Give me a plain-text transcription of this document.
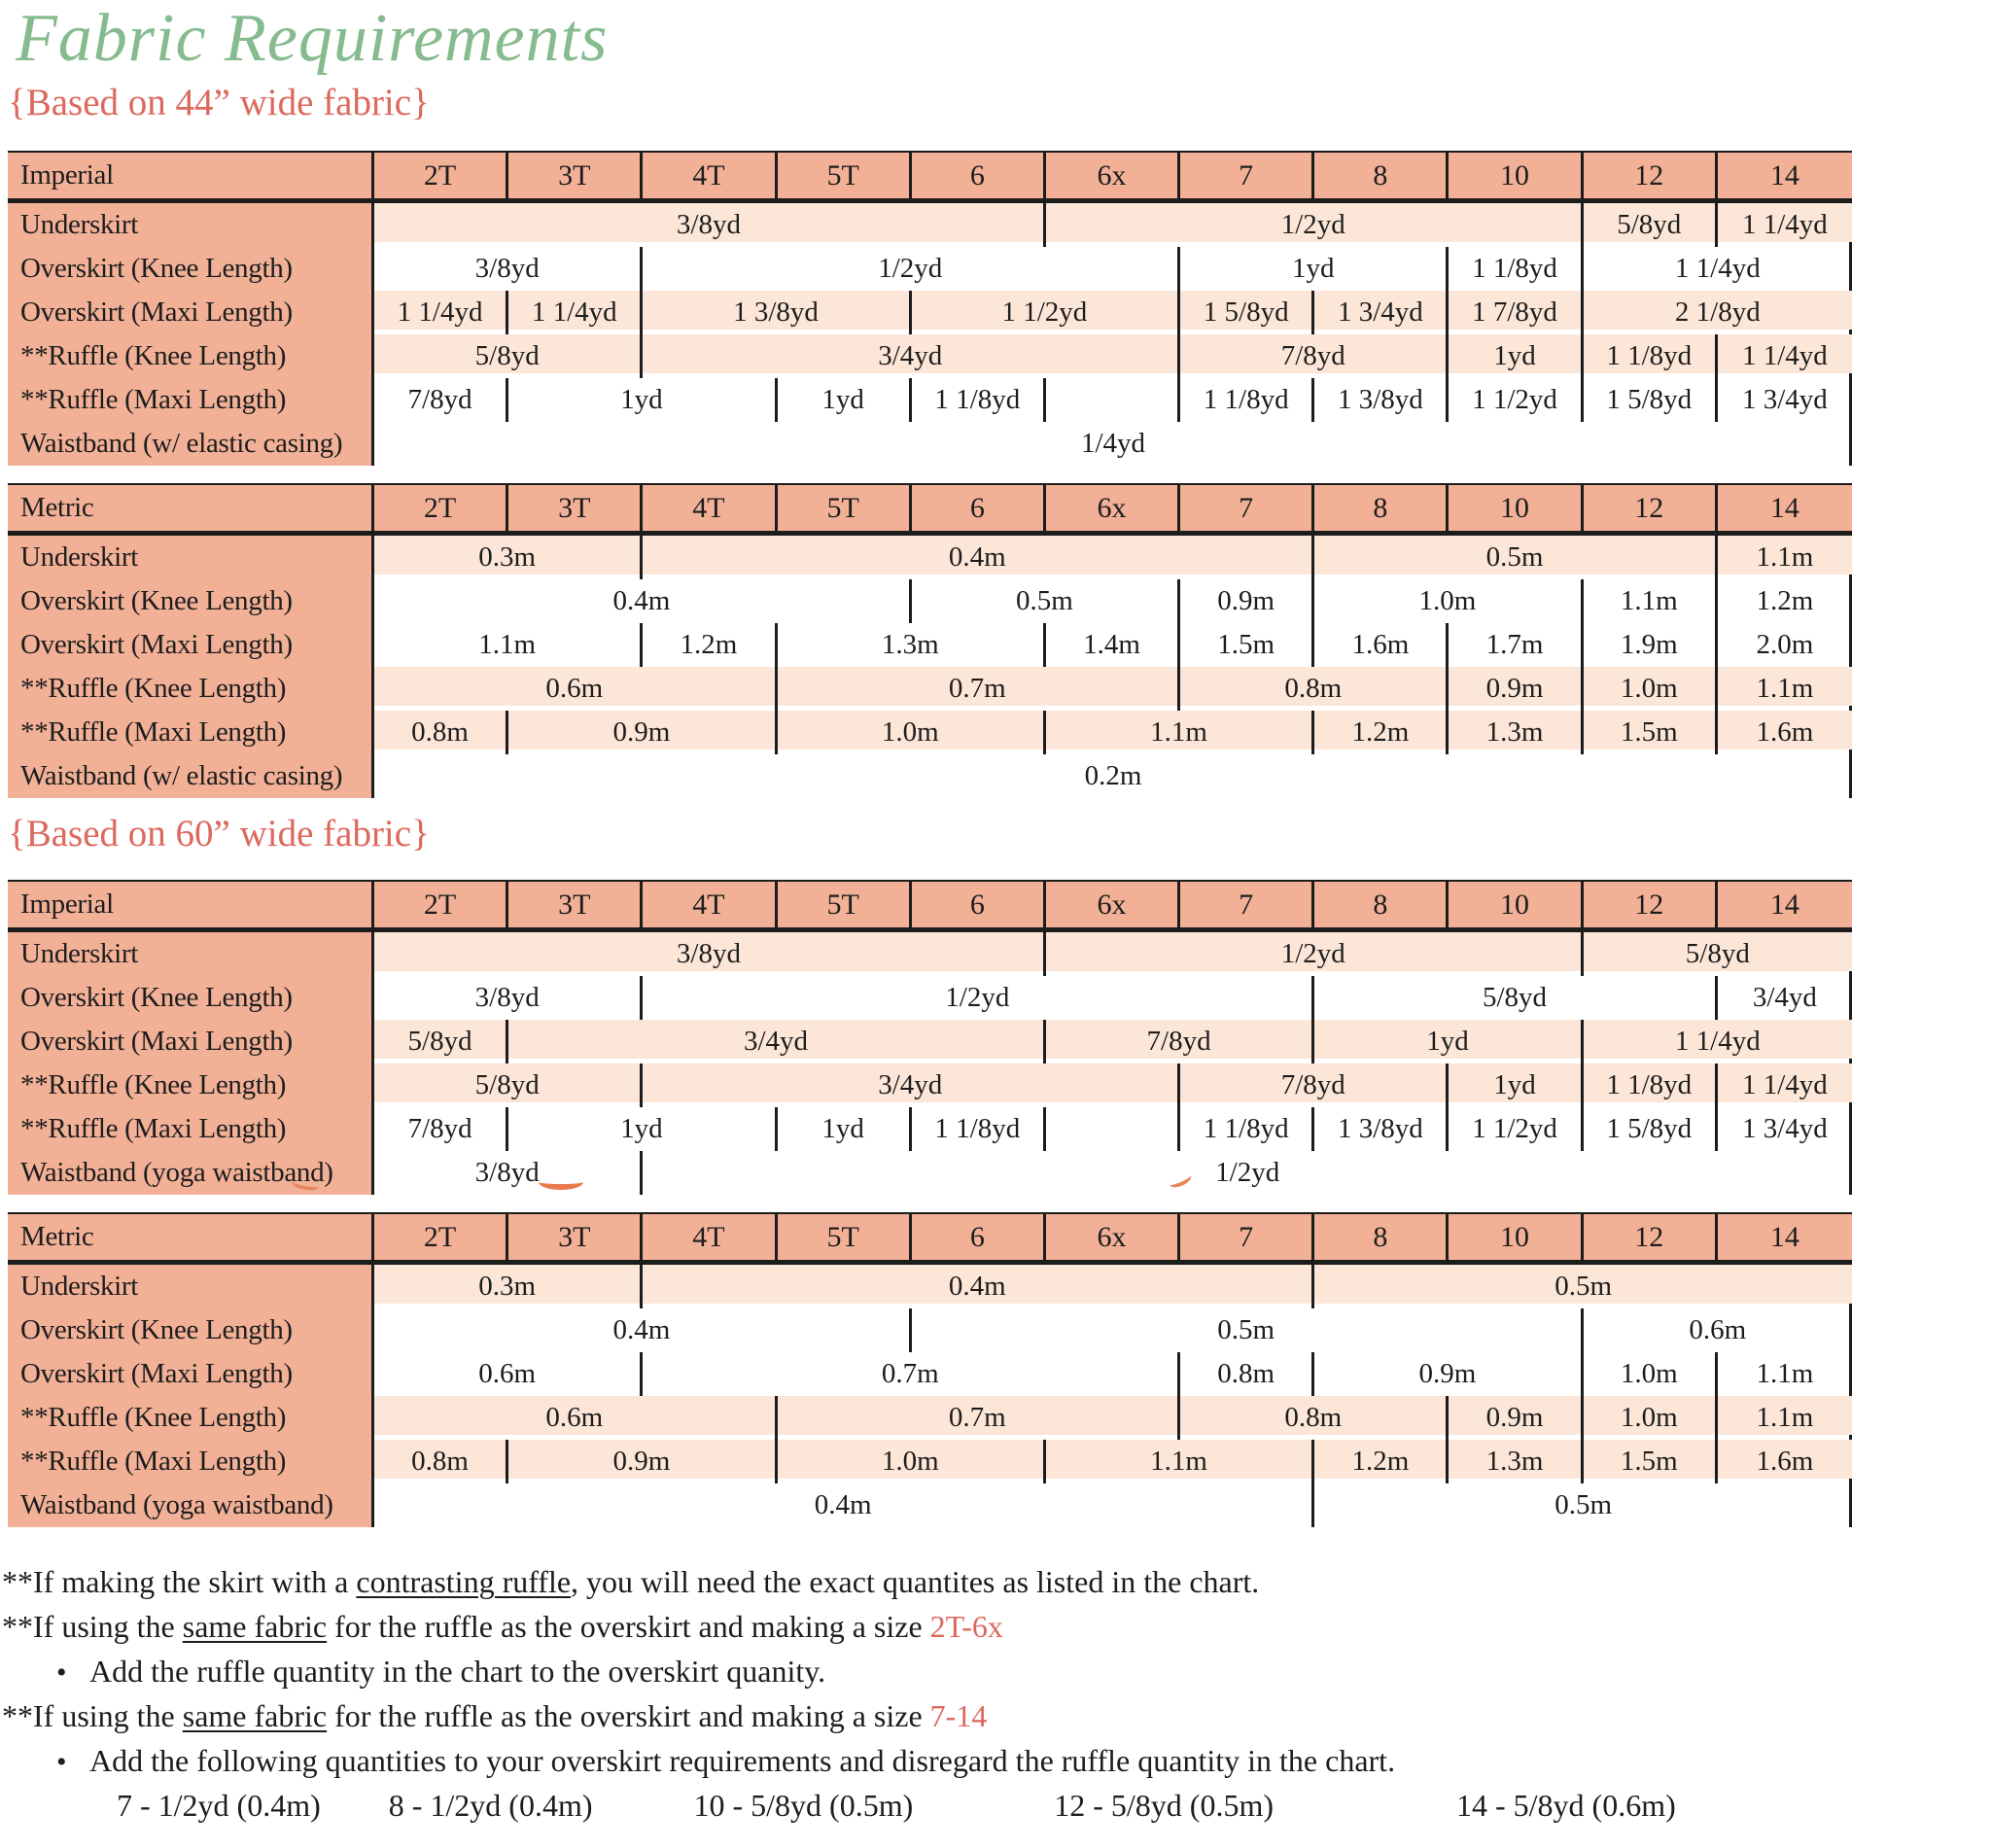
Fabric Requirements
{Based on 44” wide fabric}
Imperial	2T	3T	4T	5T	6	6x	7	8	10	12	14
Underskirt	3/8yd	1/2yd	5/8yd	1 1/4yd
Overskirt (Knee Length)	3/8yd	1/2yd	1yd	1 1/8yd	1 1/4yd
Overskirt (Maxi Length)	1 1/4yd	1 1/4yd	1 3/8yd	1 1/2yd	1 5/8yd	1 3/4yd	1 7/8yd	2 1/8yd
**Ruffle (Knee Length)	5/8yd	3/4yd	7/8yd	1yd	1 1/8yd	1 1/4yd
**Ruffle (Maxi Length)	7/8yd	1yd	1yd	1 1/8yd	1 1/8yd	1 3/8yd	1 1/2yd	1 5/8yd	1 3/4yd
Waistband (w/ elastic casing)	1/4yd
Metric	2T	3T	4T	5T	6	6x	7	8	10	12	14
Underskirt	0.3m	0.4m	0.5m	1.1m
Overskirt (Knee Length)	0.4m	0.5m	0.9m	1.0m	1.1m	1.2m
Overskirt (Maxi Length)	1.1m	1.2m	1.3m	1.4m	1.5m	1.6m	1.7m	1.9m	2.0m
**Ruffle (Knee Length)	0.6m	0.7m	0.8m	0.9m	1.0m	1.1m
**Ruffle (Maxi Length)	0.8m	0.9m	1.0m	1.1m	1.2m	1.3m	1.5m	1.6m
Waistband (w/ elastic casing)	0.2m
{Based on 60” wide fabric}
Imperial	2T	3T	4T	5T	6	6x	7	8	10	12	14
Underskirt	3/8yd	1/2yd	5/8yd
Overskirt (Knee Length)	3/8yd	1/2yd	5/8yd	3/4yd
Overskirt (Maxi Length)	5/8yd	3/4yd	7/8yd	1yd	1 1/4yd
**Ruffle (Knee Length)	5/8yd	3/4yd	7/8yd	1yd	1 1/8yd	1 1/4yd
**Ruffle (Maxi Length)	7/8yd	1yd	1yd	1 1/8yd	1 1/8yd	1 3/8yd	1 1/2yd	1 5/8yd	1 3/4yd
Waistband (yoga waistband)	3/8yd	1/2yd
Metric	2T	3T	4T	5T	6	6x	7	8	10	12	14
Underskirt	0.3m	0.4m	0.5m
Overskirt (Knee Length)	0.4m	0.5m	0.6m
Overskirt (Maxi Length)	0.6m	0.7m	0.8m	0.9m	1.0m	1.1m
**Ruffle (Knee Length)	0.6m	0.7m	0.8m	0.9m	1.0m	1.1m
**Ruffle (Maxi Length)	0.8m	0.9m	1.0m	1.1m	1.2m	1.3m	1.5m	1.6m
Waistband (yoga waistband)	0.4m	0.5m
**If making the skirt with a contrasting ruffle, you will need the exact quantites as listed in the chart.
**If using the same fabric for the ruffle as the overskirt and making a size 2T-6x
• Add the ruffle quantity in the chart to the overskirt quanity.
**If using the same fabric for the ruffle as the overskirt and making a size 7-14
• Add the following quantities to your overskirt requirements and disregard the ruffle quantity in the chart.
7 - 1/2yd (0.4m) 8 - 1/2yd (0.4m)	10 - 5/8yd (0.5m)	12 - 5/8yd (0.5m)	14 - 5/8yd (0.6m)
